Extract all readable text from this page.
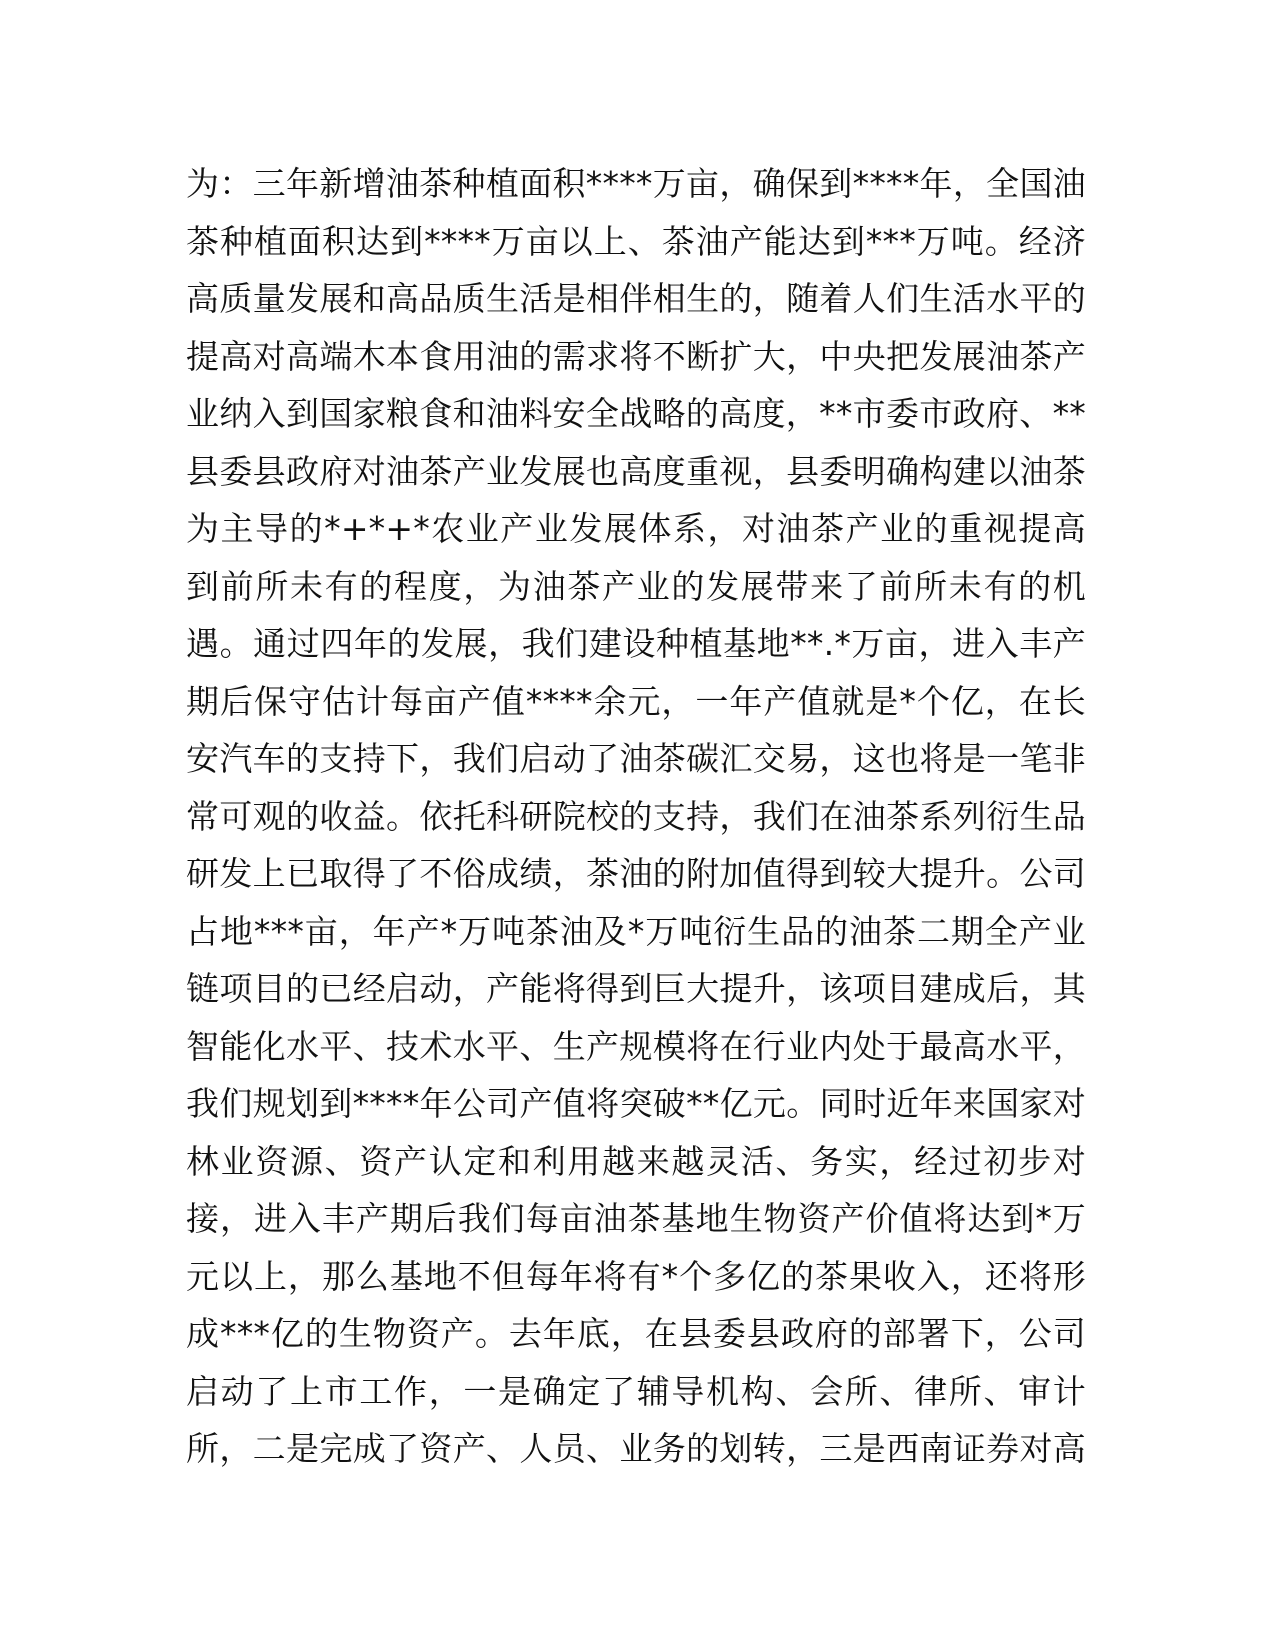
为：三年新增油茶种植面积****万亩，确保到****年，全国油
茶种植面积达到****万亩以上、茶油产能达到***万吨。经济
高质量发展和高品质生活是相伴相生的，随着人们生活水平的
提高对高端木本食用油的需求将不断扩大，中央把发展油茶产
业纳入到国家粮食和油料安全战略的高度，**市委市政府、**
县委县政府对油茶产业发展也高度重视，县委明确构建以油茶
为主导的*+*+*农业产业发展体系，对油茶产业的重视提高
到前所未有的程度，为油茶产业的发展带来了前所未有的机
遇。通过四年的发展，我们建设种植基地**.*万亩，进入丰产
期后保守估计每亩产值****余元，一年产值就是*个亿，在长
安汽车的支持下，我们启动了油茶碳汇交易，这也将是一笔非
常可观的收益。依托科研院校的支持，我们在油茶系列衍生品
研发上已取得了不俗成绩，茶油的附加值得到较大提升。公司
占地***亩，年产*万吨茶油及*万吨衍生品的油茶二期全产业
链项目的已经启动，产能将得到巨大提升，该项目建成后，其
智能化水平、技术水平、生产规模将在行业内处于最高水平，
我们规划到****年公司产值将突破**亿元。同时近年来国家对
林业资源、资产认定和利用越来越灵活、务实，经过初步对
接，进入丰产期后我们每亩油茶基地生物资产价值将达到*万
元以上，那么基地不但每年将有*个多亿的茶果收入，还将形
成***亿的生物资产。去年底，在县委县政府的部署下，公司
启动了上市工作，一是确定了辅导机构、会所、律所、审计
所，二是完成了资产、人员、业务的划转，三是西南证券对高
